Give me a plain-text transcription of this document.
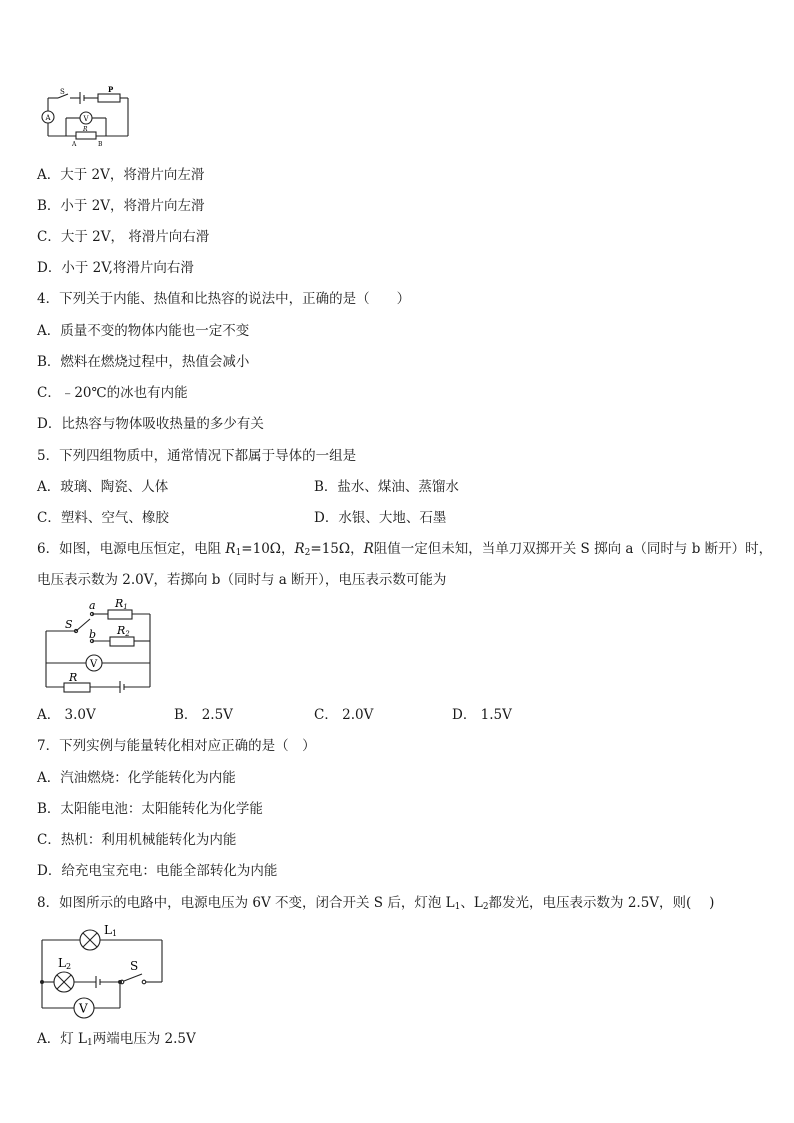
S	P
A	V
R
A	B
A．大于 2V，将滑片向左滑
B．小于 2V，将滑片向左滑
C．大于 2V， 将滑片向右滑
D．小于 2V,将滑片向右滑
4．下列关于内能、热值和比热容的说法中，正确的是（　　）
A．质量不变的物体内能也一定不变
B．燃料在燃烧过程中，热值会减小
C．﹣20℃的冰也有内能
D．比热容与物体吸收热量的多少有关
5．下列四组物质中，通常情况下都属于导体的一组是
A．玻璃、陶瓷、人体	B．盐水、煤油、蒸馏水
C．塑料、空气、橡胶	D．水银、大地、石墨
6．如图，电源电压恒定，电阻 $R_1=10\Omega$，$R_2=15\Omega$，R阻值一定但未知，当单刀双掷开关 S 掷向 a（同时与 b 断开）时，
电压表示数为 2.0V，若掷向 b（同时与 a 断开），电压表示数可能为
S
a
b
R1
R2
V
R
A． 3.0V	B． 2.5V	C． 2.0V	D． 1.5V
7．下列实例与能量转化相对应正确的是（　）
A．汽油燃烧：化学能转化为内能
B．太阳能电池：太阳能转化为化学能
C．热机：利用机械能转化为内能
D．给充电宝充电：电能全部转化为内能
8．如图所示的电路中，电源电压为 6V 不变，闭合开关 S 后，灯泡 $L_1$、$L_2$都发光，电压表示数为 2.5V，则(　 )
L1
L2	S
V
A．灯 $L_1$两端电压为 2.5V
